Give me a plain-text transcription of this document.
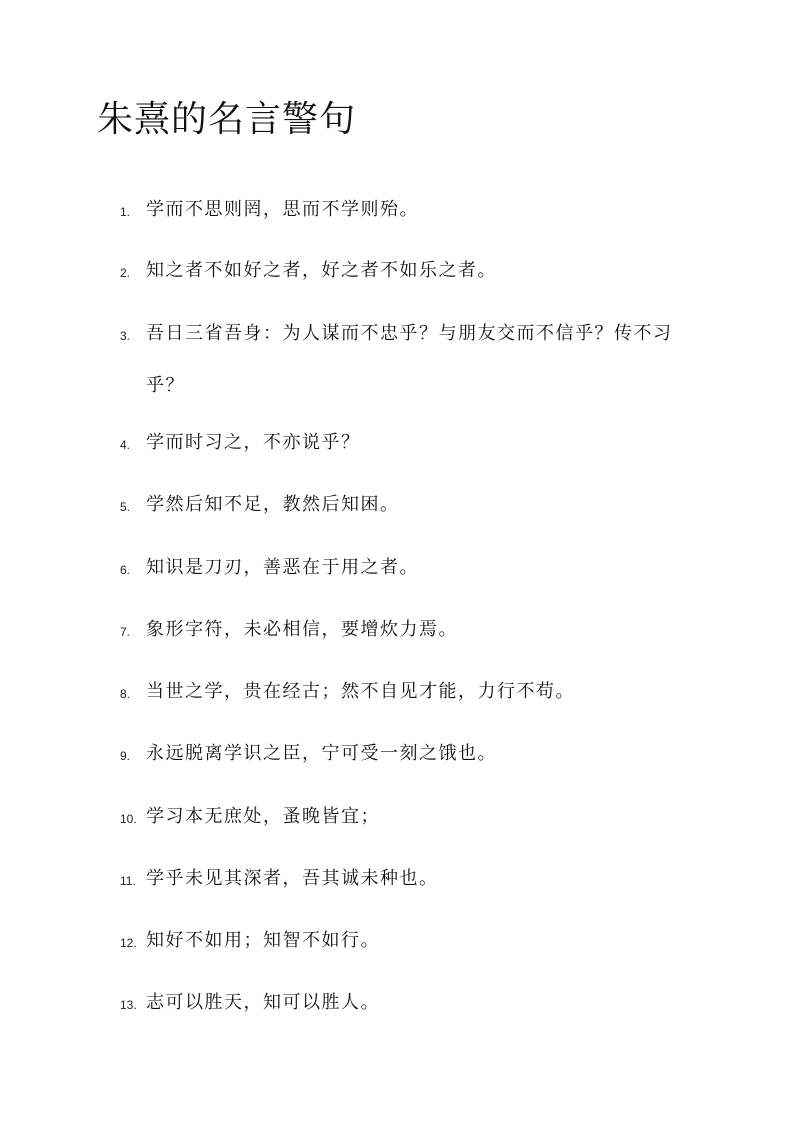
朱熹的名言警句
1. 学而不思则罔，思而不学则殆。
2. 知之者不如好之者，好之者不如乐之者。
3. 吾日三省吾身：为人谋而不忠乎？与朋友交而不信乎？传不习乎？
4. 学而时习之，不亦说乎？
5. 学然后知不足，教然后知困。
6. 知识是刀刃，善恶在于用之者。
7. 象形字符，未必相信，要增炊力焉。
8. 当世之学，贵在经古；然不自见才能，力行不苟。
9. 永远脱离学识之臣，宁可受一刻之饿也。
10. 学习本无庶处，蚤晚皆宜；
11. 学乎未见其深者，吾其诚未种也。
12. 知好不如用；知智不如行。
13. 志可以胜天，知可以胜人。
